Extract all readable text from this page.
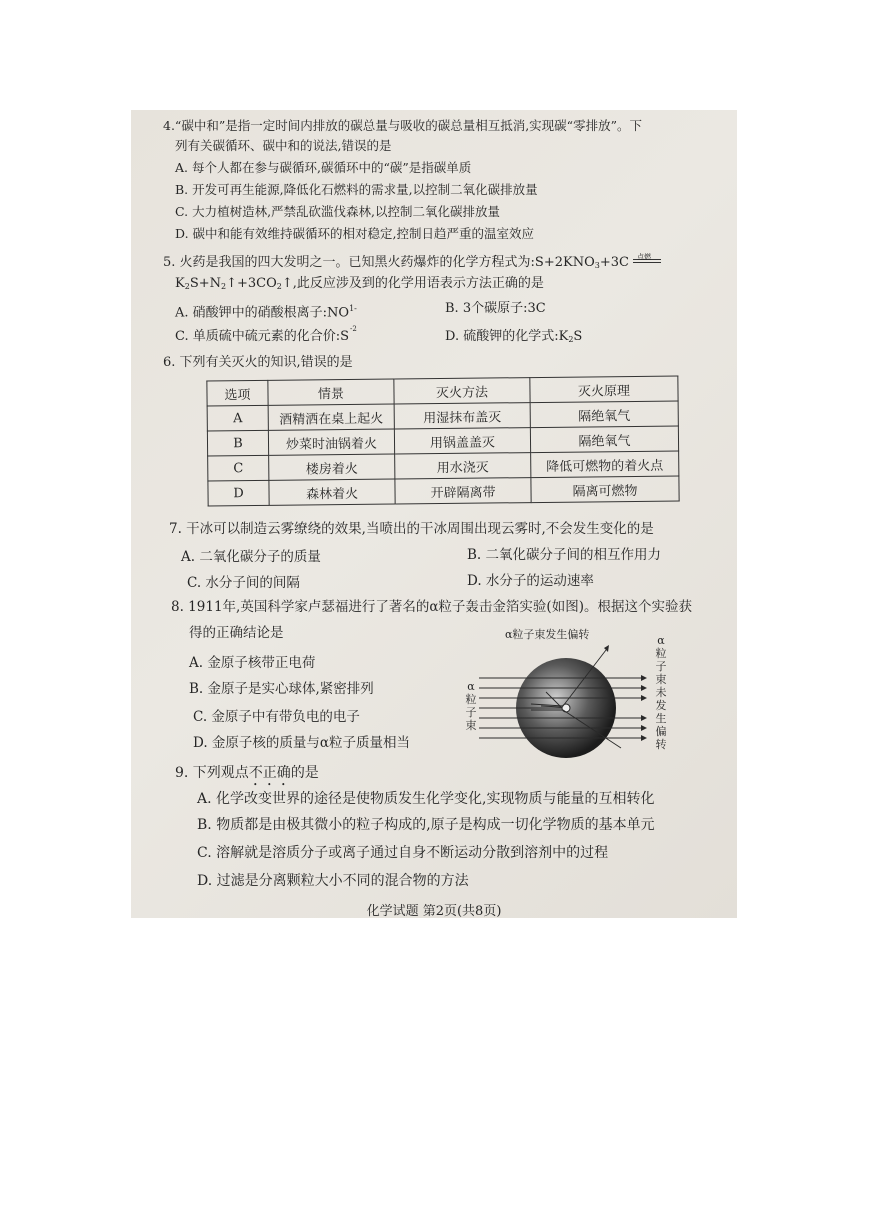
4.“碳中和”是指一定时间内排放的碳总量与吸收的碳总量相互抵消,实现碳“零排放”。下
列有关碳循环、碳中和的说法,错误的是
A. 每个人都在参与碳循环,碳循环中的“碳”是指碳单质
B. 开发可再生能源,降低化石燃料的需求量,以控制二氧化碳排放量
C. 大力植树造林,严禁乱砍滥伐森林,以控制二氧化碳排放量
D. 碳中和能有效维持碳循环的相对稳定,控制日趋严重的温室效应
5. 火药是我国的四大发明之一。已知黑火药爆炸的化学方程式为:S+2KNO3+3C 点燃
K2S+N2↑+3CO2↑,此反应涉及到的化学用语表示方法正确的是
A. 硝酸钾中的硝酸根离子$:NO^{1-}$	B. 3个碳原子:3C
C. 单质硫中硫元素的化合价:S -2	D. 硫酸钾的化学式:K2S
6. 下列有关灭火的知识,错误的是
选项	情景	灭火方法	灭火原理
A	酒精洒在桌上起火	用湿抹布盖灭	隔绝氧气
B	炒菜时油锅着火	用锅盖盖灭	隔绝氧气
C	楼房着火	用水浇灭	降低可燃物的着火点
D	森林着火	开辟隔离带	隔离可燃物
7. 干冰可以制造云雾缭绕的效果,当喷出的干冰周围出现云雾时,不会发生变化的是
A. 二氧化碳分子的质量	B. 二氧化碳分子间的相互作用力
C. 水分子间的间隔	D. 水分子的运动速率
8. 1911年,英国科学家卢瑟福进行了著名的α粒子轰击金箔实验(如图)。根据这个实验获
得的正确结论是
A. 金原子核带正电荷
B. 金原子是实心球体,紧密排列
C. 金原子中有带负电的电子
D. 金原子核的质量与α粒子质量相当
α粒子束发生偏转
α
粒
子
束
α
粒
子
束
未
发
生
偏
转
9. 下列观点不正确的是
A. 化学改变世界的途径是使物质发生化学变化,实现物质与能量的互相转化
B. 物质都是由极其微小的粒子构成的,原子是构成一切化学物质的基本单元
C. 溶解就是溶质分子或离子通过自身不断运动分散到溶剂中的过程
D. 过滤是分离颗粒大小不同的混合物的方法
化学试题 第2页(共8页)
